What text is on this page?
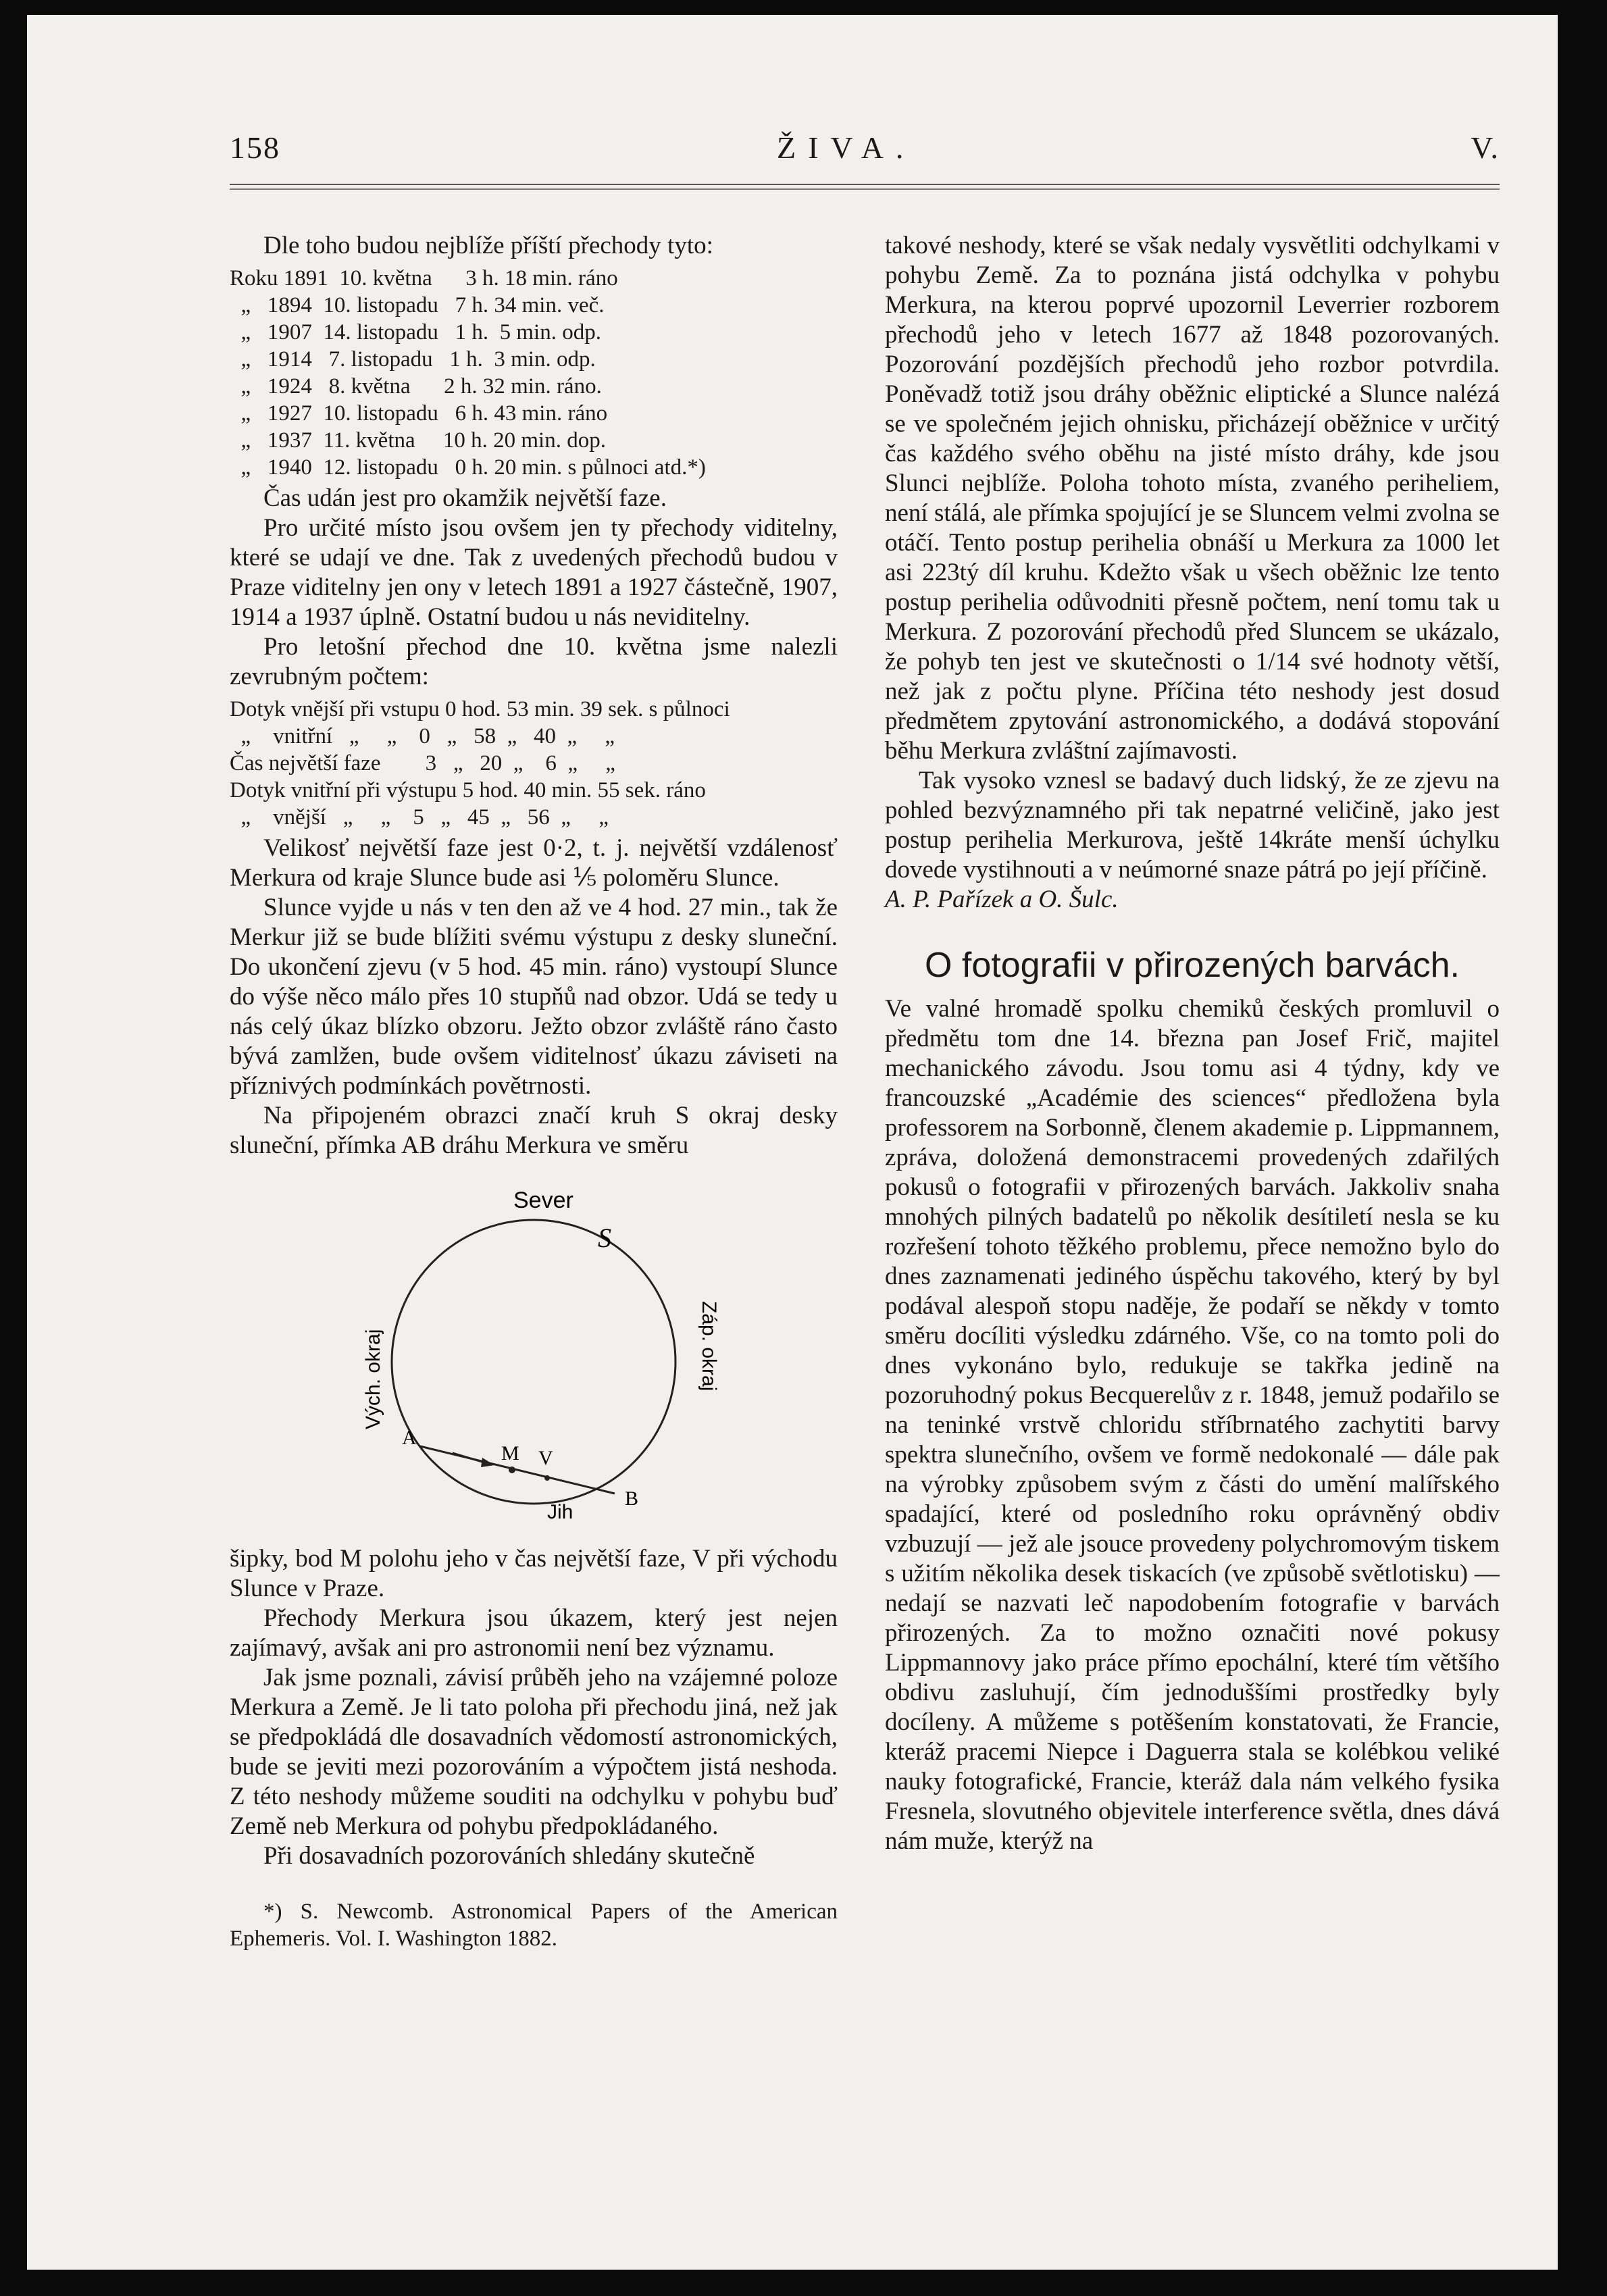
158	ŽIVA.	V.

Dle toho budou nejblíže příští přechody tyto:

Roku 1891  10. května      3 h. 18 min. ráno
„   1894  10. listopadu   7 h. 34 min. več.
„   1907  14. listopadu   1 h.  5 min. odp.
„   1914   7. listopadu   1 h.  3 min. odp.
„   1924   8. května      2 h. 32 min. ráno.
„   1927  10. listopadu   6 h. 43 min. ráno
„   1937  11. května     10 h. 20 min. dop.
„   1940  12. listopadu   0 h. 20 min. s půlnoci atd.*)

Čas udán jest pro okamžik největší faze.

Pro určité místo jsou ovšem jen ty přechody viditelny, které se udají ve dne. Tak z uvedených přechodů budou v Praze viditelny jen ony v letech 1891 a 1927 částečně, 1907, 1914 a 1937 úplně. Ostatní budou u nás neviditelny.

Pro letošní přechod dne 10. května jsme nalezli zevrubným počtem:

Dotyk vnější při vstupu 0 hod. 53 min. 39 sek. s půlnoci
„    vnitřní   „     „    0   „   58  „   40  „     „
Čas největší faze        3   „   20  „    6  „     „
Dotyk vnitřní při výstupu 5 hod. 40 min. 55 sek. ráno
„    vnější   „     „    5   „   45  „   56  „     „

Velikosť největší faze jest 0·2, t. j. největší vzdálenosť Merkura od kraje Slunce bude asi ⅕ poloměru Slunce.

Slunce vyjde u nás v ten den až ve 4 hod. 27 min., tak že Merkur již se bude blížiti svému výstupu z desky sluneční. Do ukončení zjevu (v 5 hod. 45 min. ráno) vystoupí Slunce do výše něco málo přes 10 stupňů nad obzor. Udá se tedy u nás celý úkaz blízko obzoru. Ježto obzor zvláště ráno často bývá zamlžen, bude ovšem viditelnosť úkazu záviseti na příznivých podmínkách povětrnosti.

Na připojeném obrazci značí kruh S okraj desky sluneční, přímka AB dráhu Merkura ve směru

Sever
Jih
S
A
B
M V
Vých. okraj	Záp. okraj

šipky, bod M polohu jeho v čas největší faze, V při východu Slunce v Praze.

Přechody Merkura jsou úkazem, který jest nejen zajímavý, avšak ani pro astronomii není bez významu.

Jak jsme poznali, závisí průběh jeho na vzájemné poloze Merkura a Země. Je li tato poloha při přechodu jiná, než jak se předpokládá dle dosavadních vědomostí astronomických, bude se jeviti mezi pozorováním a výpočtem jistá neshoda. Z této neshody můžeme souditi na odchylku v pohybu buď Země neb Merkura od pohybu předpokládaného.

Při dosavadních pozorováních shledány skutečně

*) S. Newcomb. Astronomical Papers of the American Ephemeris. Vol. I. Washington 1882.

takové neshody, které se však nedaly vysvětliti odchylkami v pohybu Země. Za to poznána jistá odchylka v pohybu Merkura, na kterou poprvé upozornil Leverrier rozborem přechodů jeho v letech 1677 až 1848 pozorovaných. Pozorování pozdějších přechodů jeho rozbor potvrdila. Poněvadž totiž jsou dráhy oběžnic eliptické a Slunce nalézá se ve společném jejich ohnisku, přicházejí oběžnice v určitý čas každého svého oběhu na jisté místo dráhy, kde jsou Slunci nejblíže. Poloha tohoto místa, zvaného periheliem, není stálá, ale přímka spojující je se Sluncem velmi zvolna se otáčí. Tento postup perihelia obnáší u Merkura za 1000 let asi 223tý díl kruhu. Kdežto však u všech oběžnic lze tento postup perihelia odůvodniti přesně počtem, není tomu tak u Merkura. Z pozorování přechodů před Sluncem se ukázalo, že pohyb ten jest ve skutečnosti o 1/14 své hodnoty větší, než jak z počtu plyne. Příčina této neshody jest dosud předmětem zpytování astronomického, a dodává stopování běhu Merkura zvláštní zajímavosti.

Tak vysoko vznesl se badavý duch lidský, že ze zjevu na pohled bezvýznamného při tak nepatrné veličině, jako jest postup perihelia Merkurova, ještě 14kráte menší úchylku dovede vystihnouti a v neúmorné snaze pátrá po její příčině.

A. P. Pařízek a O. Šulc.

O fotografii v přirozených barvách.

Ve valné hromadě spolku chemiků českých promluvil o předmětu tom dne 14. března pan Josef Frič, majitel mechanického závodu. Jsou tomu asi 4 týdny, kdy ve francouzské „Académie des sciences“ předložena byla professorem na Sorbonně, členem akademie p. Lippmannem, zpráva, doložená demonstracemi provedených zdařilých pokusů o fotografii v přirozených barvách. Jakkoliv snaha mnohých pilných badatelů po několik desítiletí nesla se ku rozřešení tohoto těžkého problemu, přece nemožno bylo do dnes zaznamenati jediného úspěchu takového, který by byl podával alespoň stopu naděje, že podaří se někdy v tomto směru docíliti výsledku zdárného. Vše, co na tomto poli do dnes vykonáno bylo, redukuje se takřka jedině na pozoruhodný pokus Becquerelův z r. 1848, jemuž podařilo se na teninké vrstvě chloridu stříbrnatého zachytiti barvy spektra slunečního, ovšem ve formě nedokonalé — dále pak na výrobky způsobem svým z části do umění malířského spadající, které od posledního roku oprávněný obdiv vzbuzují — jež ale jsouce provedeny polychromovým tiskem s užitím několika desek tiskacích (ve způsobě světlotisku) — nedají se nazvati leč napodobením fotografie v barvách přirozených. Za to možno označiti nové pokusy Lippmannovy jako práce přímo epochální, které tím většího obdivu zasluhují, čím jednoduššími prostředky byly docíleny. A můžeme s potěšením konstatovati, že Francie, kteráž pracemi Niepce i Daguerra stala se kolébkou veliké nauky fotografické, Francie, kteráž dala nám velkého fysika Fresnela, slovutného objevitele interference světla, dnes dává nám muže, kterýž na
